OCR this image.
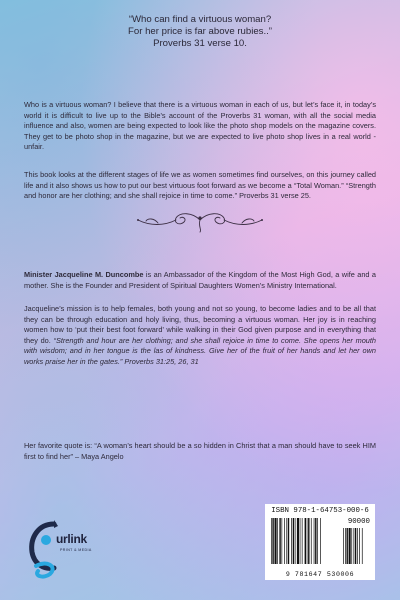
“Who can find a virtuous woman?
For her price is far above rubies..”
Proverbs 31 verse 10.

Who is a virtuous woman? I believe that there is a virtuous woman in each of us, but let’s face it, in today’s world it is difficult to live up to the Bible’s account of the Proverbs 31 woman, with all the social media influence and also, women are being expected to look like the photo shop models on the magazine covers. They get to be photo shop in the magazine, but we are expected to live photo shop lives in a real world - unfair.

This book looks at the different stages of life we as women sometimes find ourselves, on this journey called life and it also shows us how to put our best virtuous foot forward as we become a “Total Woman.” “Strength and honor are her clothing; and she shall rejoice in time to come.” Proverbs 31 verse 25.

Minister Jacqueline M. Duncombe is an Ambassador of the Kingdom of the Most High God, a wife and a mother. She is the Founder and President of Spiritual Daughters Women’s Ministry International.

Jacqueline’s mission is to help females, both young and not so young, to become ladies and to be all that they can be through education and holy living, thus, becoming a virtuous woman. Her joy is in reaching women how to ‘put their best foot forward’ while walking in their God given purpose and in everything that they do. “Strength and hour are her clothing; and she shall rejoice in time to come. She opens her mouth with wisdom; and in her tongue is the las of kindness. Give her of the fruit of her hands and let her own works praise her in the gates.” Proverbs 31:25, 26, 31

Her favorite quote is: “A woman’s heart should be a so hidden in Christ that a man should have to seek HIM first to find her” – Maya Angelo

urlink
PRINT & MEDIA
ISBN 978-1-64753-000-6
90000
9 781647 530006
